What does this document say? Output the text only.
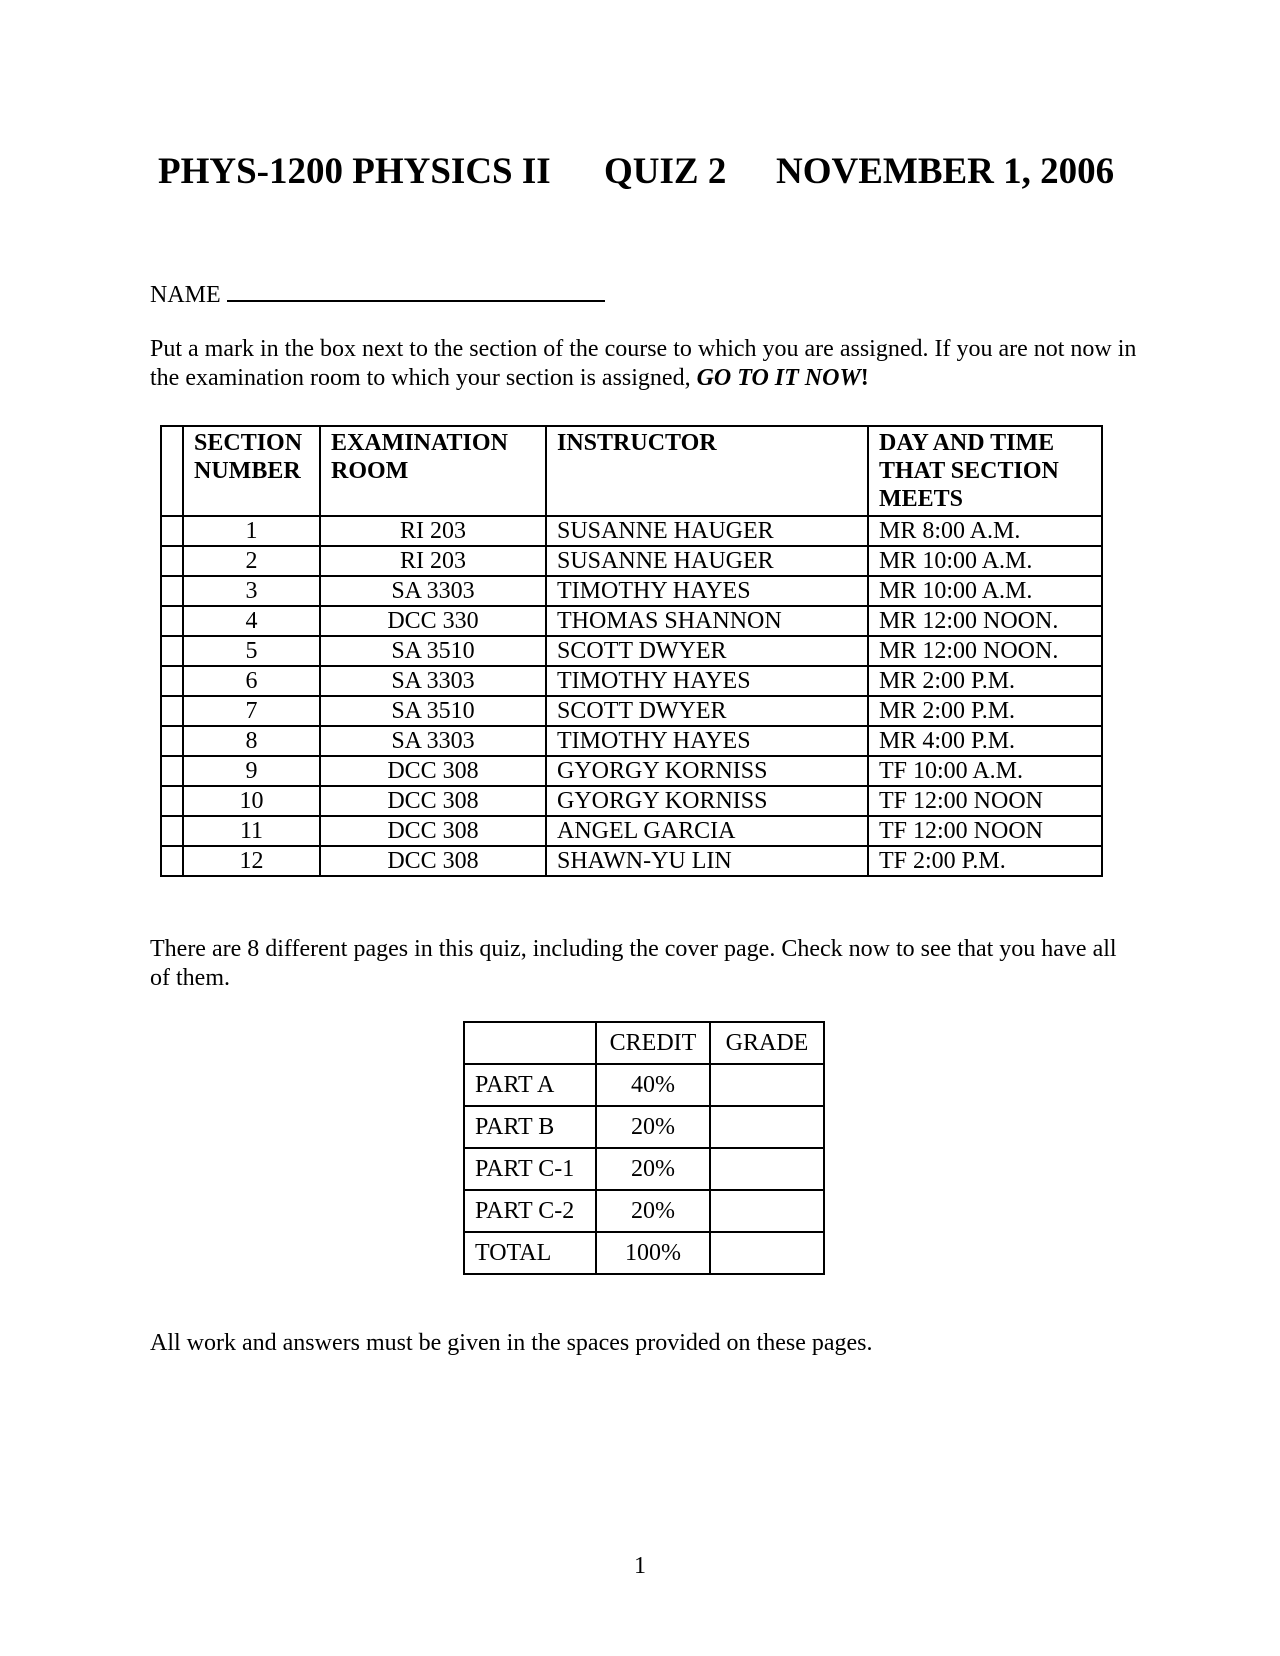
PHYS-1200 PHYSICS II QUIZ 2 NOVEMBER 1, 2006
NAME

Put a mark in the box next to the section of the course to which you are assigned. If you are not now in the examination room to which your section is assigned, GO TO IT NOW!

	SECTION NUMBER	EXAMINATION ROOM	INSTRUCTOR	DAY AND TIME THAT SECTION MEETS
	1	RI 203	SUSANNE HAUGER	MR 8:00 A.M.
	2	RI 203	SUSANNE HAUGER	MR 10:00 A.M.
	3	SA 3303	TIMOTHY HAYES	MR 10:00 A.M.
	4	DCC 330	THOMAS SHANNON	MR 12:00 NOON.
	5	SA 3510	SCOTT DWYER	MR 12:00 NOON.
	6	SA 3303	TIMOTHY HAYES	MR 2:00 P.M.
	7	SA 3510	SCOTT DWYER	MR 2:00 P.M.
	8	SA 3303	TIMOTHY HAYES	MR 4:00 P.M.
	9	DCC 308	GYORGY KORNISS	TF 10:00 A.M.
	10	DCC 308	GYORGY KORNISS	TF 12:00 NOON
	11	DCC 308	ANGEL GARCIA	TF 12:00 NOON
	12	DCC 308	SHAWN-YU LIN	TF 2:00 P.M.

There are 8 different pages in this quiz, including the cover page. Check now to see that you have all of them.

	CREDIT	GRADE
PART A	40%	
PART B	20%	
PART C-1	20%	
PART C-2	20%	
TOTAL	100%	

All work and answers must be given in the spaces provided on these pages.

1
